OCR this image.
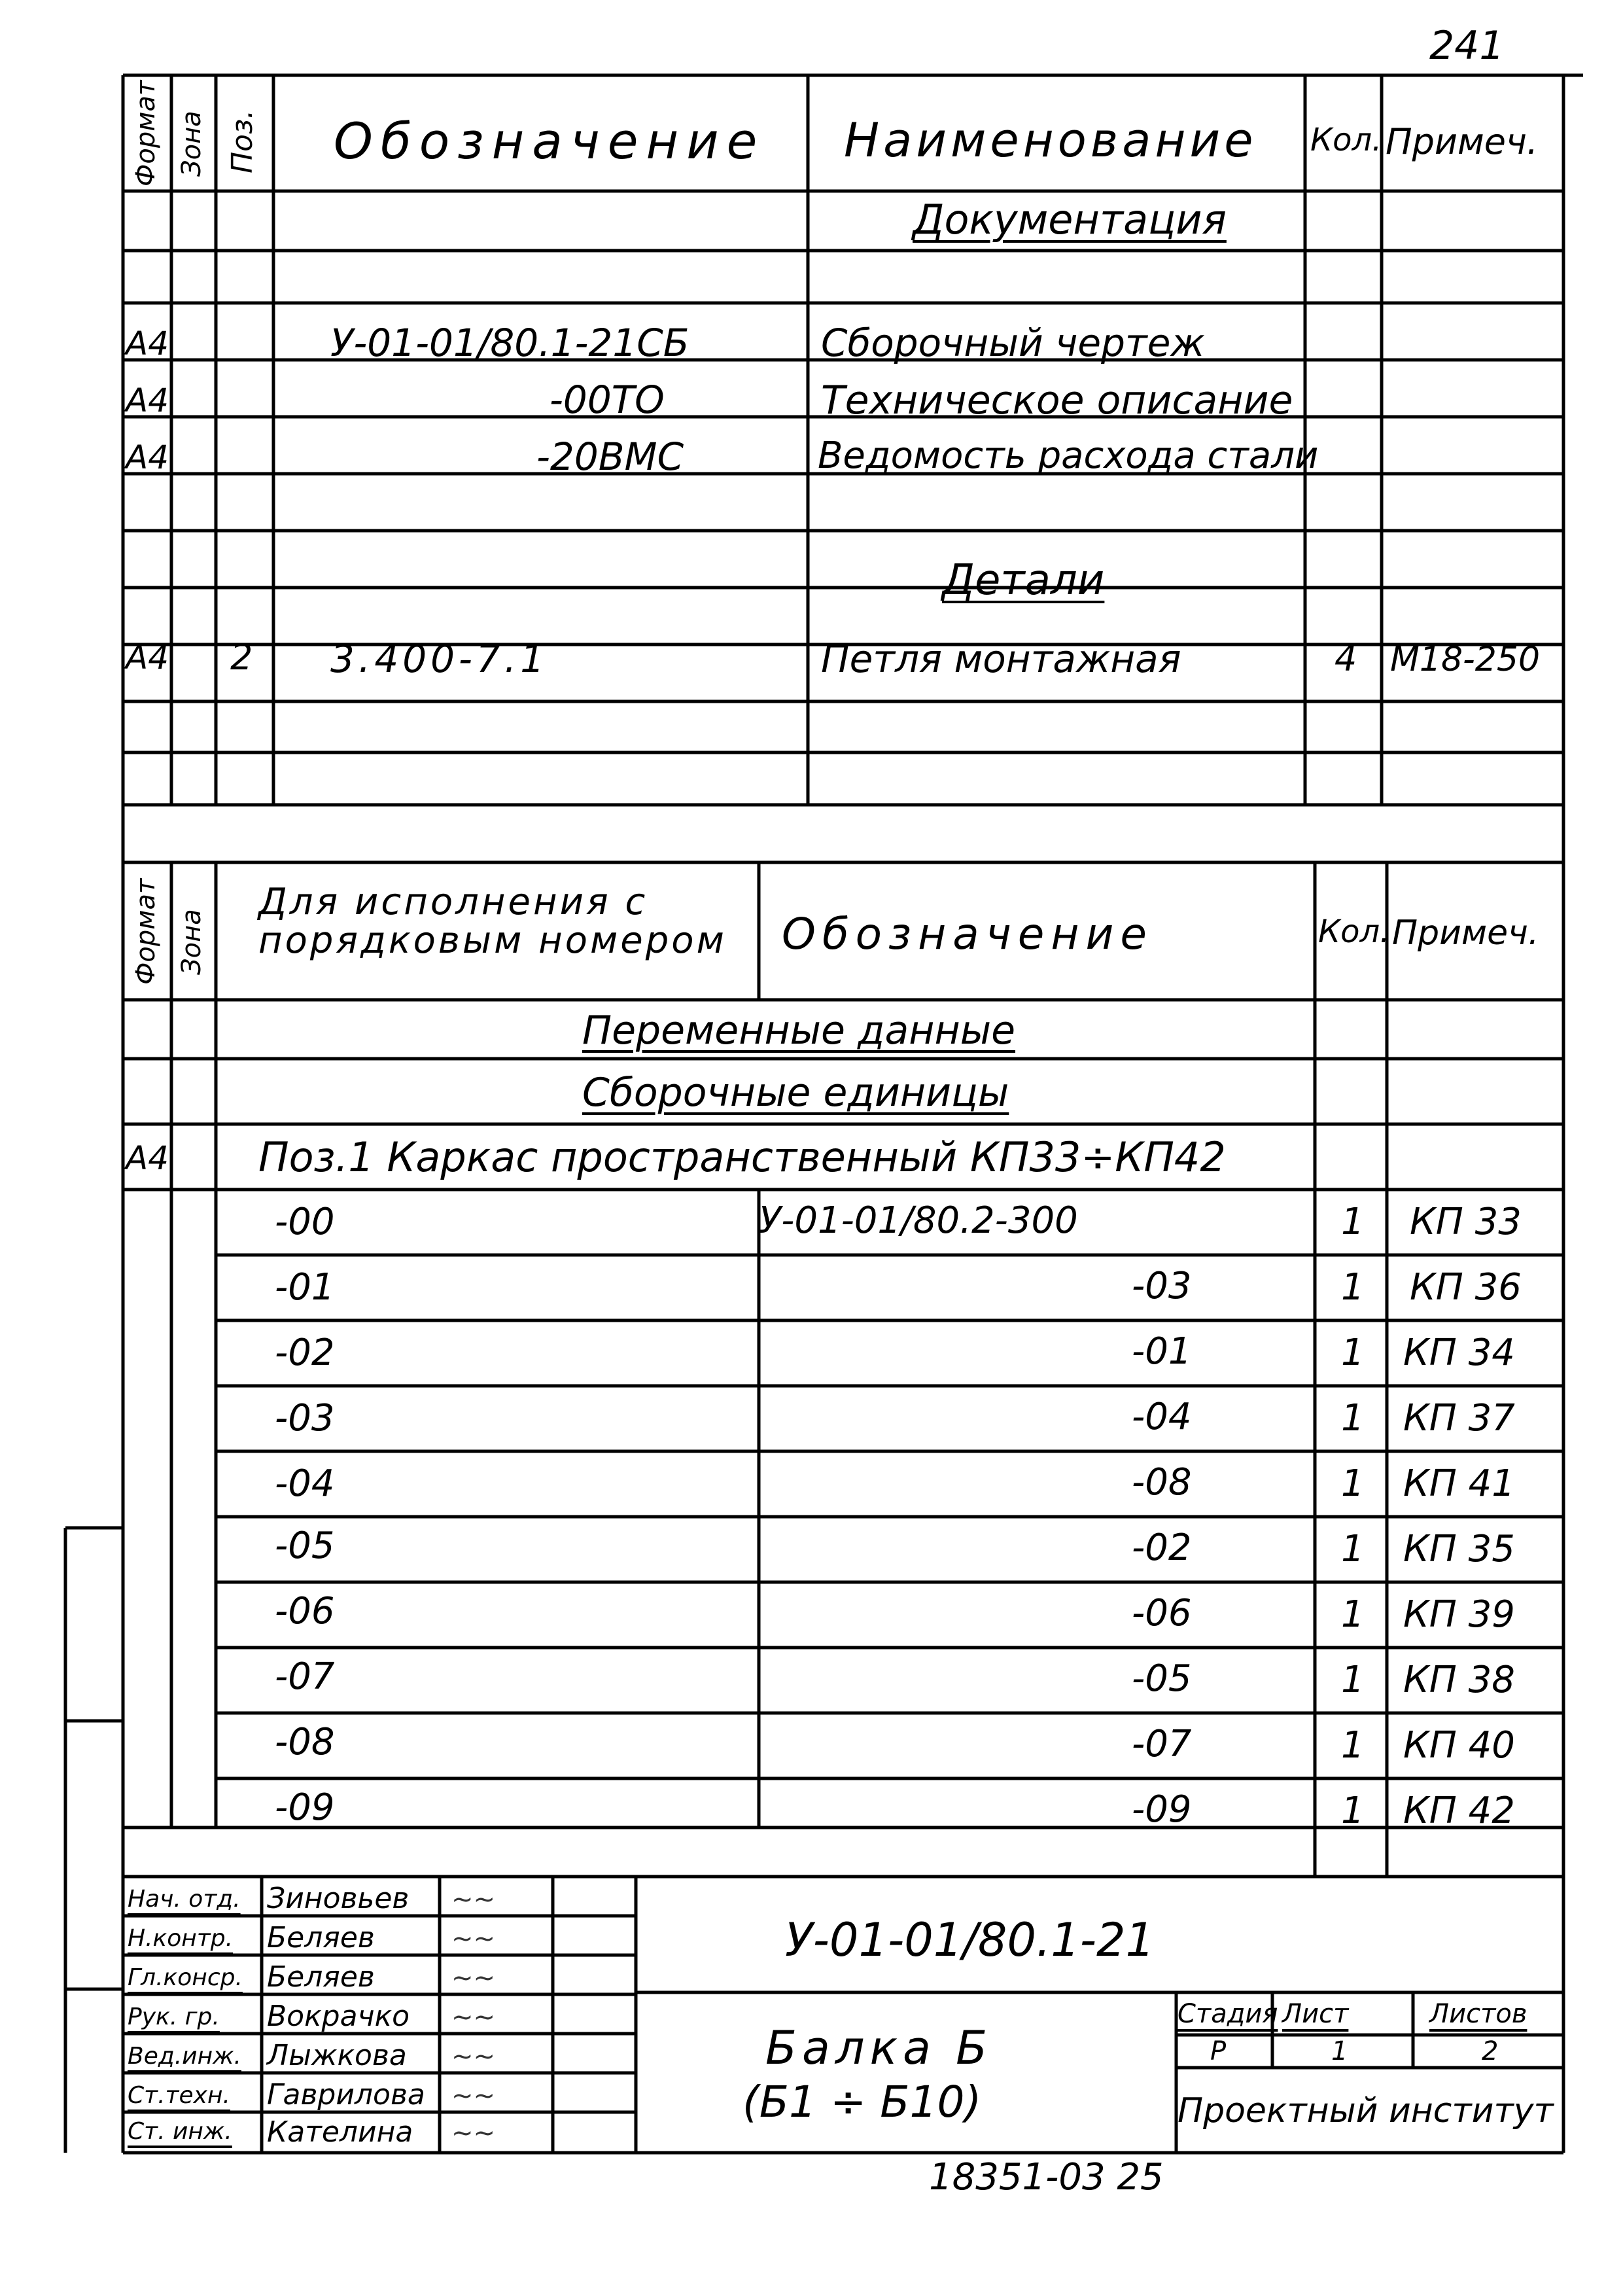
241
Формат Зона Поз. Обозначение Наименование Кол. Примеч.
Документация
А4	У-01-01/80.1-21СБ	Сборочный чертеж
А4	-00ТО	Техническое описание
А4	-20ВМС	Ведомость расхода стали
Детали
А4 2 3.400-7.1	Петля монтажная	4 М18-250
Формат Зона
Для исполнения с порядковым номером	Обозначение	Кол. Примеч.
Переменные данные
Сборочные единицы
А4 Поз.1 Каркас пространственный КП33÷КП42
-00	У-01-01/80.2-300	1 КП 33
-01	-03	1 КП 36
-02	-01	1 КП 34
-03	-04	1 КП 37
-04	-08	1 КП 41
-05	-02	1 КП 35
-06	-06	1 КП 39
-07	-05	1 КП 38
-08	-07	1 КП 40
-09	-09	1 КП 42
У-01-01/80.1-21
Балка Б
(Б1 ÷ Б10)
Стадия Лист	Листов
Р	1	2
Проектный институт
Нач. отд. Зиновьев ~~
Н.контр. Беляев	~~
Гл.конср. Беляев	~~
Рук. гр. Вокрачко ~~
Вед.инж. Лыжкова ~~
Ст.техн. Гаврилова ~~
Ст. инж. Кателина ~~
18351-03 25
